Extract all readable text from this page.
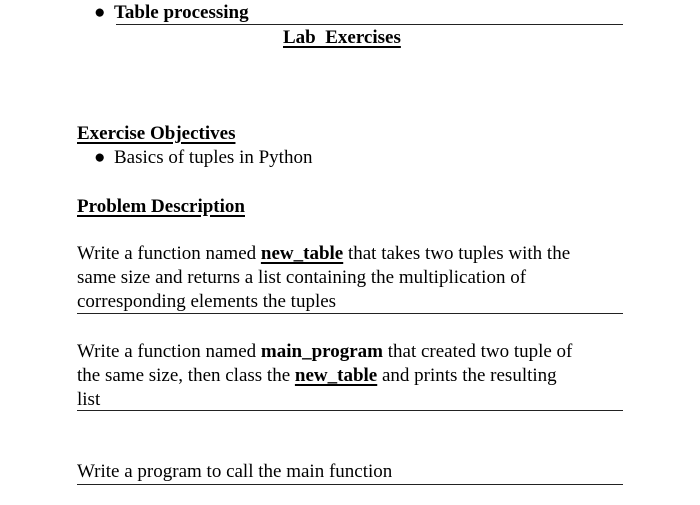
● Table processing
Lab  Exercises
Exercise Objectives
● Basics of tuples in Python
Problem Description

Write a function named new_table that takes two tuples with the

same size and returns a list containing the multiplication of

corresponding elements the tuples

Write a function named main_program that created two tuple of

the same size, then class the new_table and prints the resulting

list

Write a program to call the main function
